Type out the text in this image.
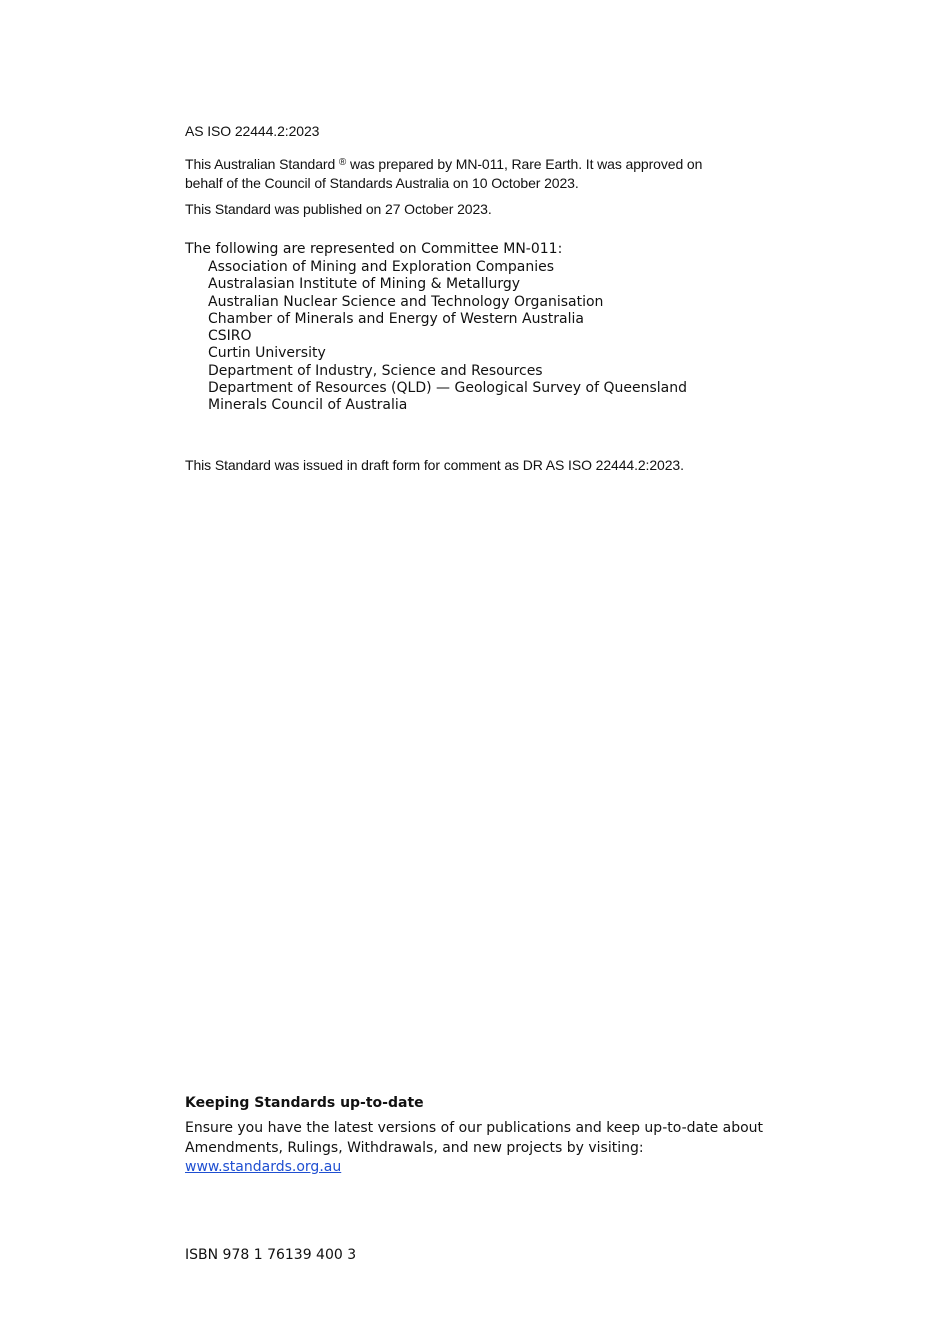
AS ISO 22444.2:2023

This Australian Standard ® was prepared by MN-011, Rare Earth. It was approved on
behalf of the Council of Standards Australia on 10 October 2023.

This Standard was published on 27 October 2023.

The following are represented on Committee MN-011:

Association of Mining and Exploration Companies
Australasian Institute of Mining & Metallurgy
Australian Nuclear Science and Technology Organisation
Chamber of Minerals and Energy of Western Australia
CSIRO
Curtin University
Department of Industry, Science and Resources
Department of Resources (QLD) — Geological Survey of Queensland
Minerals Council of Australia

This Standard was issued in draft form for comment as DR AS ISO 22444.2:2023.

Keeping Standards up-to-date

Ensure you have the latest versions of our publications and keep up-to-date about
Amendments, Rulings, Withdrawals, and new projects by visiting:

www.standards.org.au

ISBN 978 1 76139 400 3
